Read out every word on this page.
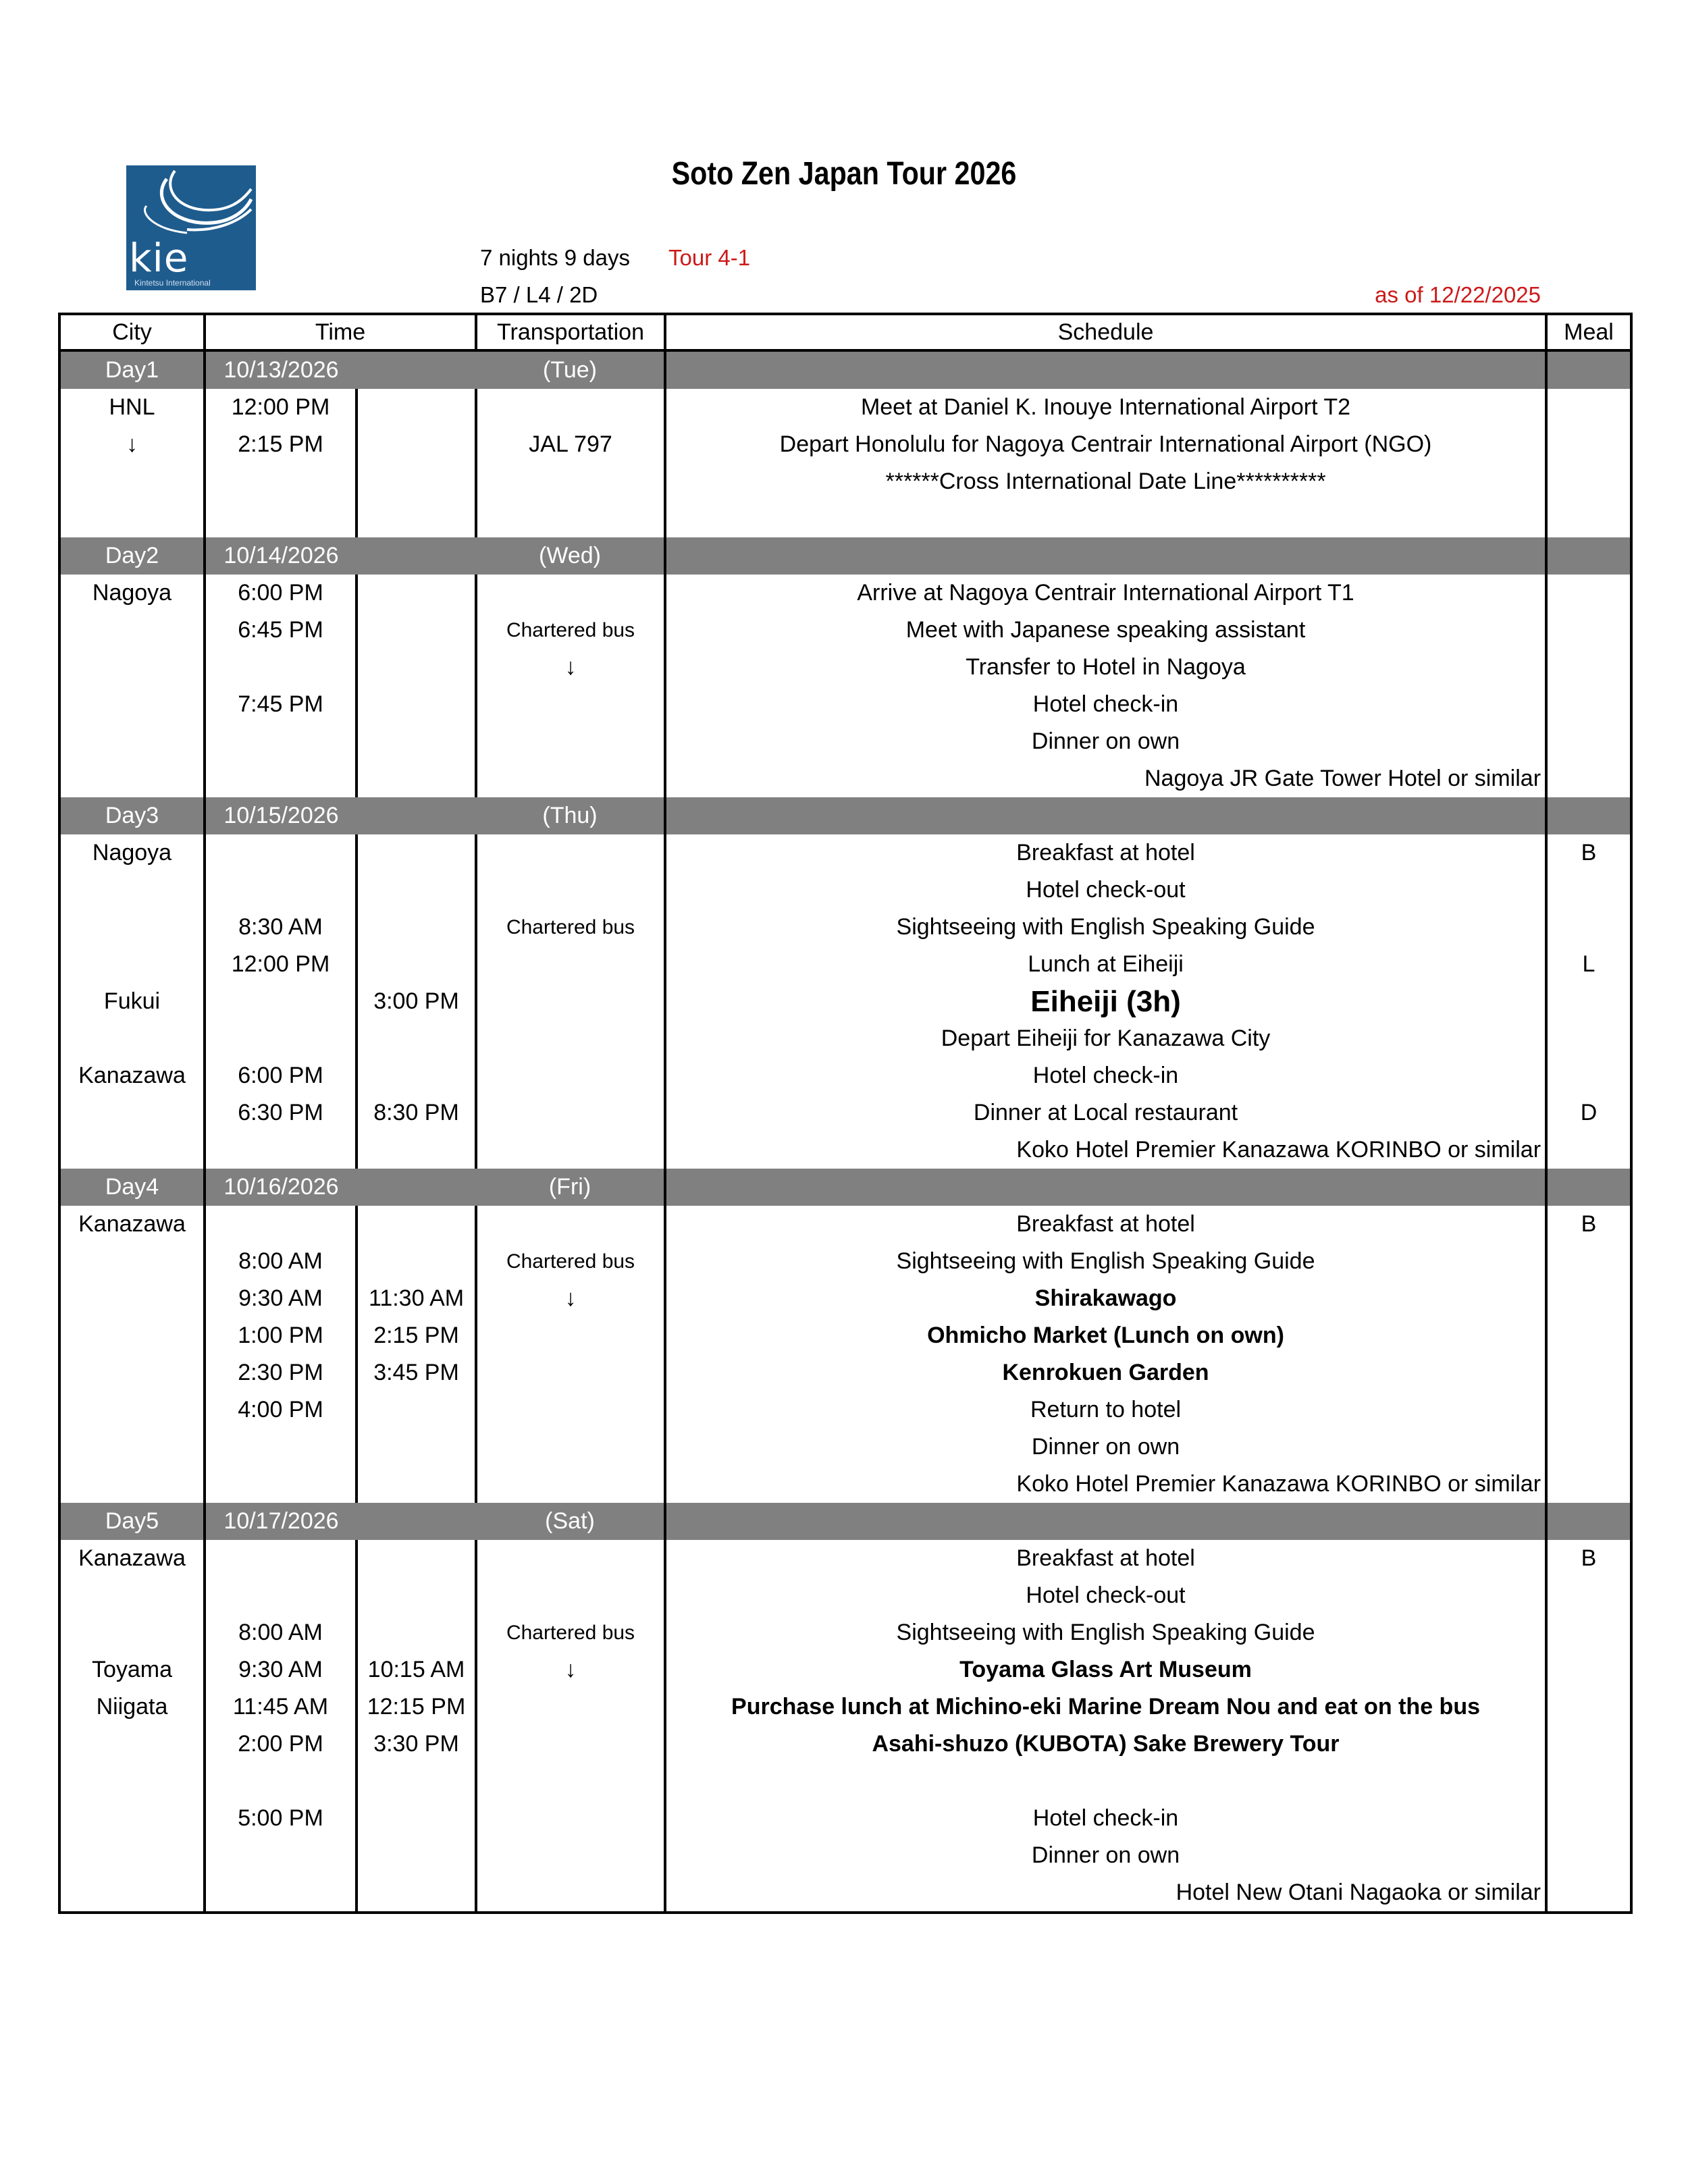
kie
Kintetsu International
Soto Zen Japan Tour 2026
7 nights 9 days Tour 4-1
B7 / L4 / 2D	as of 12/22/2025
City	Time		Transportation	Schedule	Meal
Day1	10/13/2026		(Tue)		
HNL	12:00 PM			Meet at Daniel K. Inouye International Airport T2	
↓	2:15 PM		JAL 797	Depart Honolulu for Nagoya Centrair International Airport (NGO)	
				******Cross International Date Line**********	

Day2	10/14/2026		(Wed)		
Nagoya	6:00 PM			Arrive at Nagoya Centrair International Airport T1	
	6:45 PM		Chartered bus	Meet with Japanese speaking assistant	
			↓	Transfer to Hotel in Nagoya	
	7:45 PM			Hotel check-in	
				Dinner on own	
				Nagoya JR Gate Tower Hotel or similar	
Day3	10/15/2026		(Thu)		
Nagoya				Breakfast at hotel	B
				Hotel check-out	
	8:30 AM		Chartered bus	Sightseeing with English Speaking Guide	
	12:00 PM			Lunch at Eiheiji	L
Fukui		3:00 PM		Eiheiji (3h)	
				Depart Eiheiji for Kanazawa City	
Kanazawa	6:00 PM			Hotel check-in	
	6:30 PM	8:30 PM		Dinner at Local restaurant	D
				Koko Hotel Premier Kanazawa KORINBO or similar	
Day4	10/16/2026		(Fri)		
Kanazawa				Breakfast at hotel	B
	8:00 AM		Chartered bus	Sightseeing with English Speaking Guide	
	9:30 AM	11:30 AM	↓	Shirakawago	
	1:00 PM	2:15 PM		Ohmicho Market (Lunch on own)	
	2:30 PM	3:45 PM		Kenrokuen Garden	
	4:00 PM			Return to hotel	
				Dinner on own	
				Koko Hotel Premier Kanazawa KORINBO or similar	
Day5	10/17/2026		(Sat)		
Kanazawa				Breakfast at hotel	B
				Hotel check-out	
	8:00 AM		Chartered bus	Sightseeing with English Speaking Guide	
Toyama	9:30 AM	10:15 AM	↓	Toyama Glass Art Museum	
Niigata	11:45 AM	12:15 PM		Purchase lunch at Michino-eki Marine Dream Nou and eat on the bus	
	2:00 PM	3:30 PM		Asahi-shuzo (KUBOTA) Sake Brewery Tour	

	5:00 PM			Hotel check-in	
				Dinner on own	
				Hotel New Otani Nagaoka or similar	
